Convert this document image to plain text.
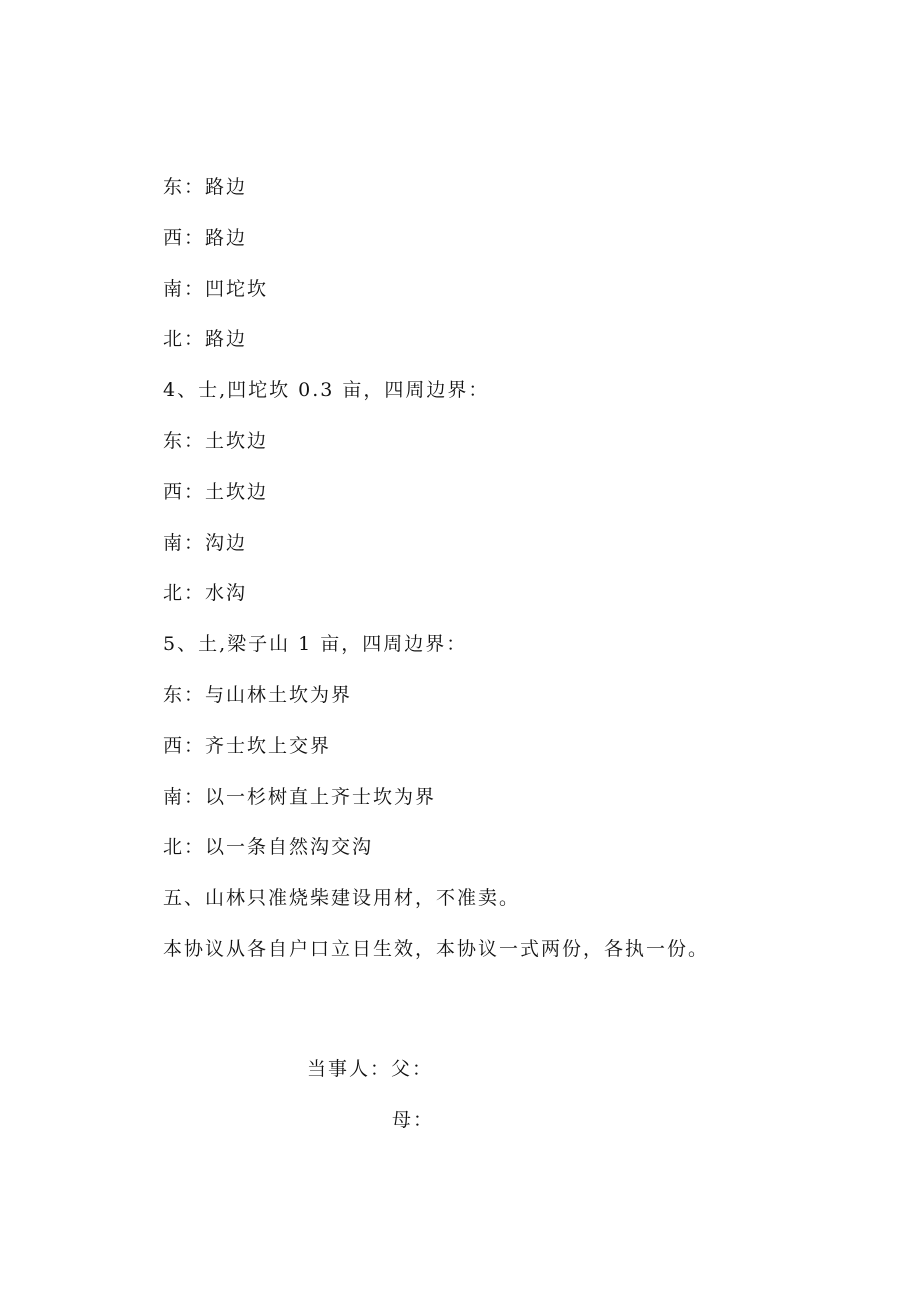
东：路边
西：路边
南：凹坨坎
北：路边
4、士,凹坨坎 0.3 亩，四周边界：
东：土坎边
西：土坎边
南：沟边
北：水沟
5、土,梁子山 1 亩，四周边界：
东：与山林土坎为界
西：齐士坎上交界
南：以一杉树直上齐士坎为界
北：以一条自然沟交沟
五、山林只准烧柴建设用材，不准卖。
本协议从各自户口立日生效，本协议一式两份，各执一份。
当事人：父：
母：
